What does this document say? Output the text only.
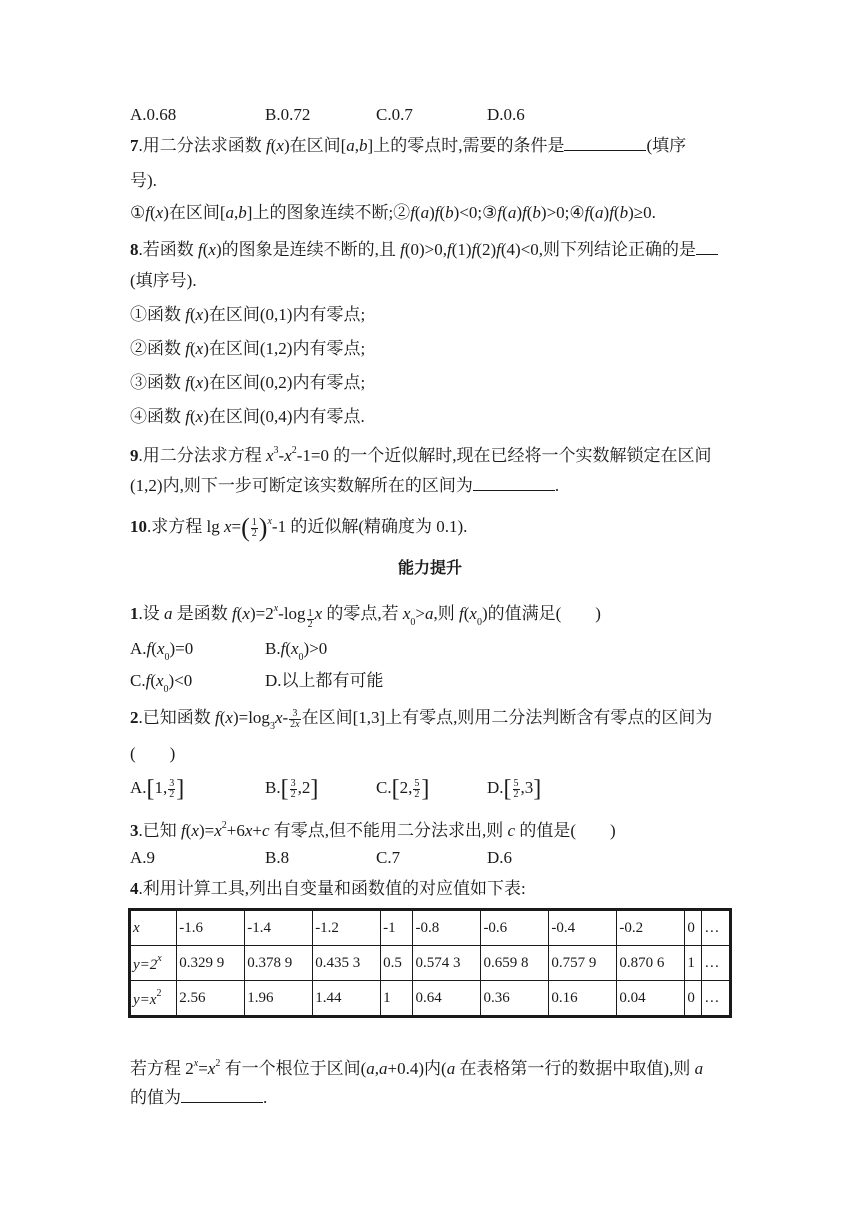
A.0.68	B.0.72	C.0.7	D.0.6
7.用二分法求函数 f(x)在区间[a,b]上的零点时,需要的条件是	(填序
号).
①f(x)在区间[a,b]上的图象连续不断;②f(a)f(b)<0;③f(a)f(b)>0;④f(a)f(b)≥0.
8.若函数 f(x)的图象是连续不断的,且 f(0)>0,f(1)f(2)f(4)<0,则下列结论正确的是
(填序号).
①函数 f(x)在区间(0,1)内有零点;
②函数 f(x)在区间(1,2)内有零点;
③函数 f(x)在区间(0,2)内有零点;
④函数 f(x)在区间(0,4)内有零点.
9.用二分法求方程 $x^3-x^2-1=0$ 的一个近似解时,现在已经将一个实数解锁定在区间
(1,2)内,则下一步可断定该实数解所在的区间为	.
10.求方程 $\lg x=( \frac{1}{2} )^x-1$ 的近似解(精确度为 0.1).
能力提升
1.设 a 是函数 $f(x)=2^x-\log \frac{1}{2}$ x 的零点,若 $x_0>a$,则 $f(x_0)$的值满足(　　)
$A.f(x_0)=0$	$B.f(x_0)>0$
$C.f(x_0)<0$	D.以上都有可能
2.已知函数 $f(x)=\log_3x- \frac{3}{2x}$ 在区间[1,3]上有零点,则用二分法判断含有零点的区间为
(　　)
A.[1, $\frac{3}{2}$ ]	$B.[ \frac{3}{2} ,2]$	C.[2, $\frac{5}{2}$ ]	$D.[ \frac{5}{2} ,3]$
3.已知 $f(x)=x^2+6x+c$ 有零点,但不能用二分法求出,则 c 的值是(　　)
A.9	B.8	C.7	D.6
4.利用计算工具,列出自变量和函数值的对应值如下表:
x	-1.6	-1.4	-1.2	-1	-0.8	-0.6	-0.4	-0.2	0	…
$y=2^x$	0.329 9	0.378 9	0.435 3	0.5	0.574 3	0.659 8	0.757 9	0.870 6	1	…
$y=x^2$	2.56	1.96	1.44	1	0.64	0.36	0.16	0.04	0	…
若方程 $2^x=x^2$ 有一个根位于区间(a,a+0.4)内(a 在表格第一行的数据中取值),则 a
的值为	.
